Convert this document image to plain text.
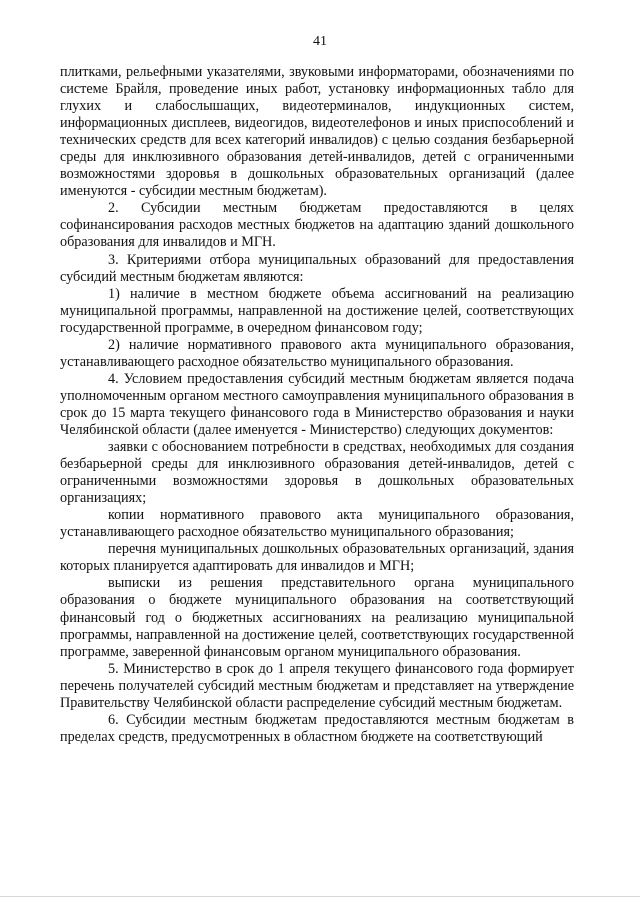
41

плитками, рельефными указателями, звуковыми информаторами, обозначениями по системе Брайля, проведение иных работ, установку информационных табло для глухих и слабослышащих, видеотерминалов, индукционных систем, информационных дисплеев, видеогидов, видеотелефонов и иных приспособлений и технических средств для всех категорий инвалидов) с целью создания безбарьерной среды для инклюзивного образования детей-инвалидов, детей с ограниченными возможностями здоровья в дошкольных образовательных организаций (далее именуются - субсидии местным бюджетам).

2. Субсидии местным бюджетам предоставляются в целях софинансирования расходов местных бюджетов на адаптацию зданий дошкольного образования для инвалидов и МГН.

3. Критериями отбора муниципальных образований для предоставления субсидий местным бюджетам являются:

1) наличие в местном бюджете объема ассигнований на реализацию муниципальной программы, направленной на достижение целей, соответствующих государственной программе, в очередном финансовом году;

2) наличие нормативного правового акта муниципального образования, устанавливающего расходное обязательство муниципального образования.

4. Условием предоставления субсидий местным бюджетам является подача уполномоченным органом местного самоуправления муниципального образования в срок до 15 марта текущего финансового года в Министерство образования и науки Челябинской области (далее именуется - Министерство) следующих документов:

заявки с обоснованием потребности в средствах, необходимых для создания безбарьерной среды для инклюзивного образования детей-инвалидов, детей с ограниченными возможностями здоровья в дошкольных образовательных организациях;

копии нормативного правового акта муниципального образования, устанавливающего расходное обязательство муниципального образования;

перечня муниципальных дошкольных образовательных организаций, здания которых планируется адаптировать для инвалидов и МГН;

выписки из решения представительного органа муниципального образования о бюджете муниципального образования на соответствующий финансовый год о бюджетных ассигнованиях на реализацию муниципальной программы, направленной на достижение целей, соответствующих государственной программе, заверенной финансовым органом муниципального образования.

5. Министерство в срок до 1 апреля текущего финансового года формирует перечень получателей субсидий местным бюджетам и представляет на утверждение Правительству Челябинской области распределение субсидий местным бюджетам.

6. Субсидии местным бюджетам предоставляются местным бюджетам в пределах средств, предусмотренных в областном бюджете на соответствующий
